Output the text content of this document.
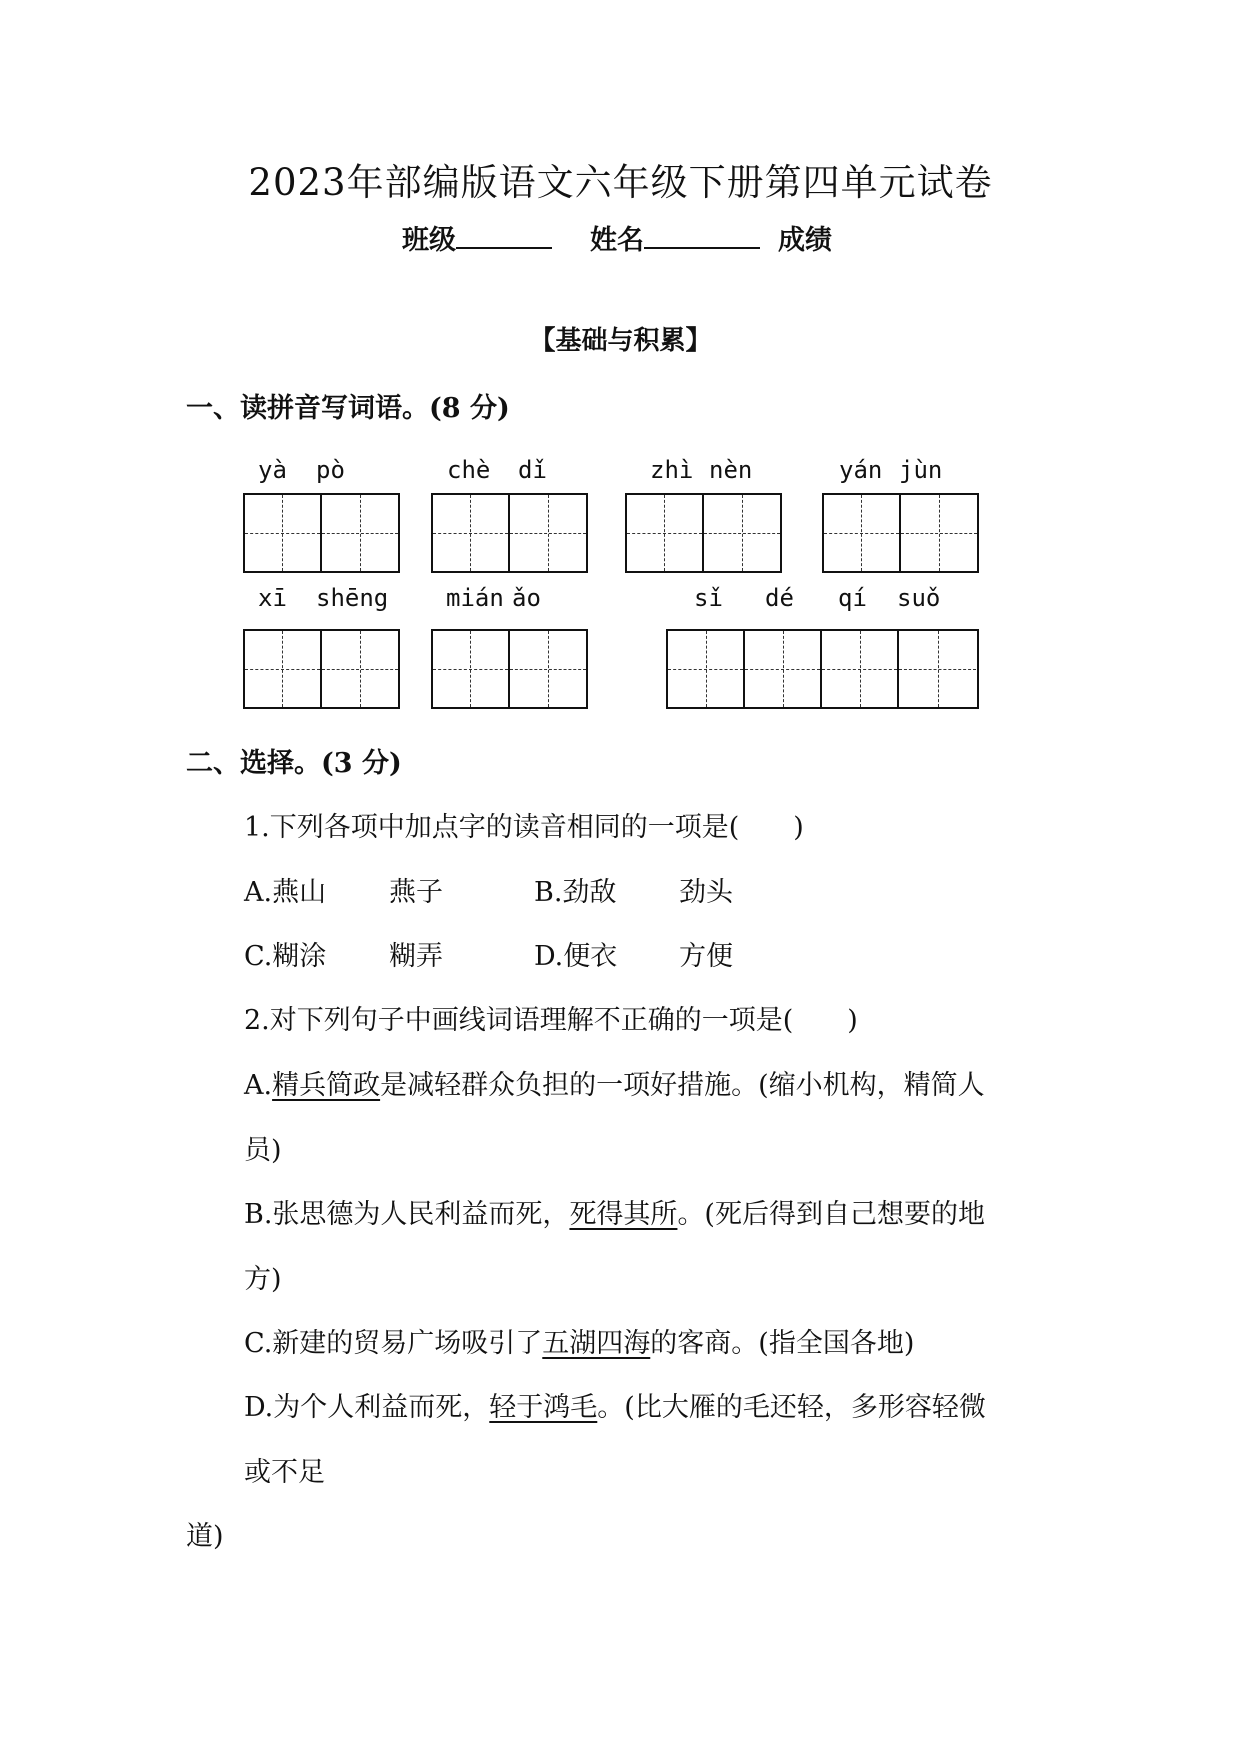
2023年部编版语文六年级下册第四单元试卷
班级	姓名	成绩
【基础与积累】
一、读拼音写词语。(8 分)
yà pò	chè dǐ	zhì nèn	yán jùn
xī shēng mián ǎo	sǐ dé qí suǒ
二、选择。(3 分)
1.下列各项中加点字的读音相同的一项是(　　)
A.燕山 燕子	B.劲敌 劲头
C.糊涂 糊弄	D.便衣 方便
2.对下列句子中画线词语理解不正确的一项是(　　)
A.精兵简政是减轻群众负担的一项好措施。(缩小机构，精简人
员)
B.张思德为人民利益而死，死得其所。(死后得到自己想要的地
方)
C.新建的贸易广场吸引了五湖四海的客商。(指全国各地)
D.为个人利益而死，轻于鸿毛。(比大雁的毛还轻，多形容轻微
或不足
道)
